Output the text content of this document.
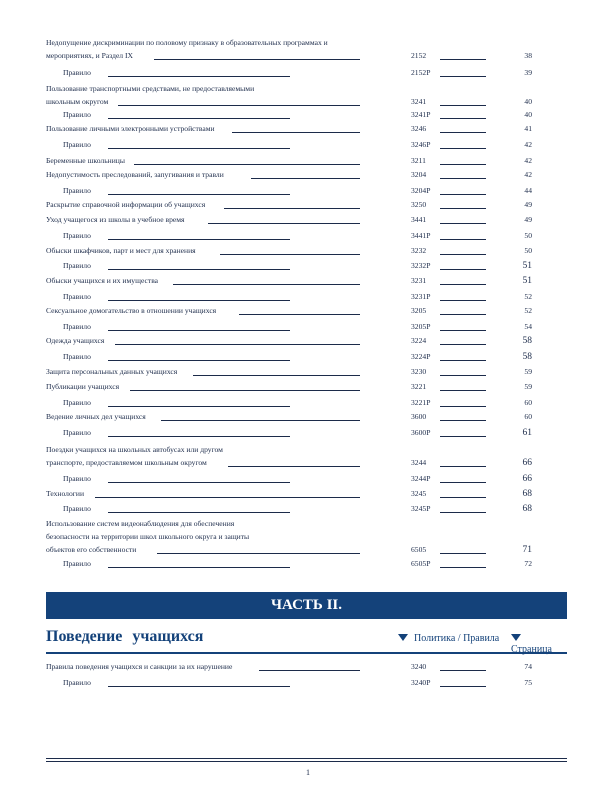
Недопущение дискриминации по половому признаку в образовательных программах и
мероприятиях, и Раздел IX	2152	38
Правило	2152P	39
Пользование транспортными средствами, не предоставляемыми
школьным округом	3241	40
Правило	3241P	40
Пользование личными электронными устройствами	3246	41
Правило	3246P	42
Беременные школьницы	3211	42
Недопустимость преследований, запугивания и травли	3204	42
Правило	3204P	44
Раскрытие справочной информации об учащихся	3250	49
Уход учащегося из школы в учебное время	3441	49
Правило	3441P	50
Обыски шкафчиков, парт и мест для хранения	3232	50
Правило	3232P	51
Обыски учащихся и их имущества	3231	51
Правило	3231P	52
Сексуальное домогательство в отношении учащихся	3205	52
Правило	3205P	54
Одежда учащихся	3224	58
Правило	3224P	58
Защита персональных данных учащихся	3230	59
Публикации учащихся	3221	59
Правило	3221P	60
Ведение личных дел учащихся	3600	60
Правило	3600P	61
Поездки учащихся на школьных автобусах или другом
транспорте, предоставляемом школьным округом	3244	66
Правило	3244P	66
Технологии	3245	68
Правило	3245P	68
Использование систем видеонаблюдения для обеспечения
безопасности на территории школ школьного округа и защиты
объектов его собственности	6505	71
Правило	6505P	72
ЧАСТЬ II.
Поведение учащихся	Политика / Правила
Страница
Правила поведения учащихся и санкции за их нарушение	3240	74
Правило	3240P	75
1
